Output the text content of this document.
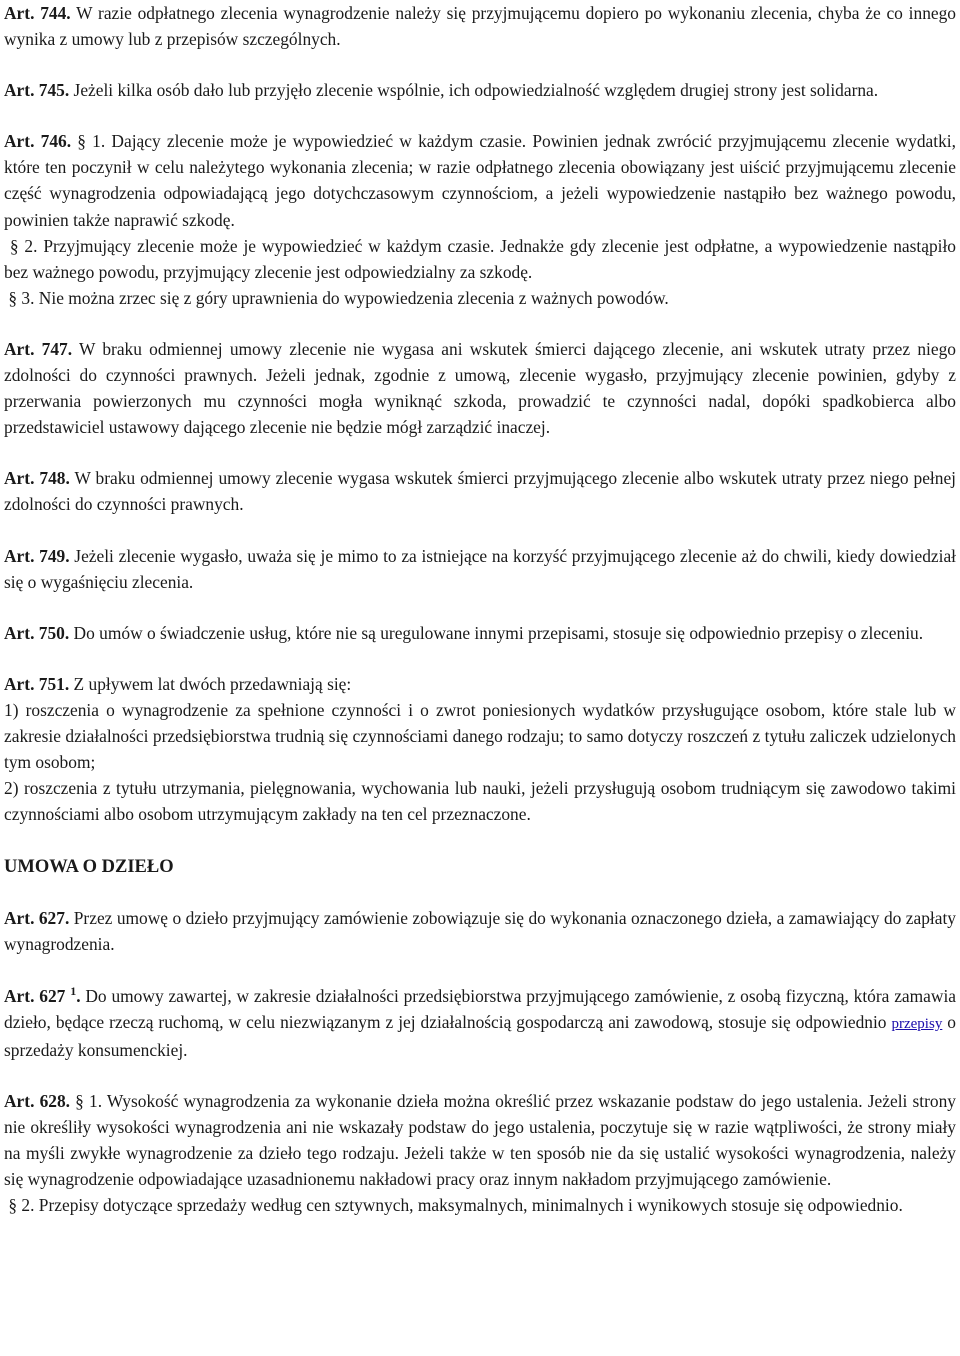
Art. 744. W razie odpłatnego zlecenia wynagrodzenie należy się przyjmującemu dopiero po wykonaniu zlecenia, chyba że co innego wynika z umowy lub z przepisów szczególnych.

Art. 745. Jeżeli kilka osób dało lub przyjęło zlecenie wspólnie, ich odpowiedzialność względem drugiej strony jest solidarna.

Art. 746. § 1. Dający zlecenie może je wypowiedzieć w każdym czasie. Powinien jednak zwrócić przyjmującemu zlecenie wydatki, które ten poczynił w celu należytego wykonania zlecenia; w razie odpłatnego zlecenia obowiązany jest uiścić przyjmującemu zlecenie część wynagrodzenia odpowiadającą jego dotychczasowym czynnościom, a jeżeli wypowiedzenie nastąpiło bez ważnego powodu, powinien także naprawić szkodę.

§ 2. Przyjmujący zlecenie może je wypowiedzieć w każdym czasie. Jednakże gdy zlecenie jest odpłatne, a wypowiedzenie nastąpiło bez ważnego powodu, przyjmujący zlecenie jest odpowiedzialny za szkodę.

§ 3. Nie można zrzec się z góry uprawnienia do wypowiedzenia zlecenia z ważnych powodów.

Art. 747. W braku odmiennej umowy zlecenie nie wygasa ani wskutek śmierci dającego zlecenie, ani wskutek utraty przez niego zdolności do czynności prawnych. Jeżeli jednak, zgodnie z umową, zlecenie wygasło, przyjmujący zlecenie powinien, gdyby z przerwania powierzonych mu czynności mogła wyniknąć szkoda, prowadzić te czynności nadal, dopóki spadkobierca albo przedstawiciel ustawowy dającego zlecenie nie będzie mógł zarządzić inaczej.

Art. 748. W braku odmiennej umowy zlecenie wygasa wskutek śmierci przyjmującego zlecenie albo wskutek utraty przez niego pełnej zdolności do czynności prawnych.

Art. 749. Jeżeli zlecenie wygasło, uważa się je mimo to za istniejące na korzyść przyjmującego zlecenie aż do chwili, kiedy dowiedział się o wygaśnięciu zlecenia.

Art. 750. Do umów o świadczenie usług, które nie są uregulowane innymi przepisami, stosuje się odpowiednio przepisy o zleceniu.

Art. 751. Z upływem lat dwóch przedawniają się:

1) roszczenia o wynagrodzenie za spełnione czynności i o zwrot poniesionych wydatków przysługujące osobom, które stale lub w zakresie działalności przedsiębiorstwa trudnią się czynnościami danego rodzaju; to samo dotyczy roszczeń z tytułu zaliczek udzielonych tym osobom;

2) roszczenia z tytułu utrzymania, pielęgnowania, wychowania lub nauki, jeżeli przysługują osobom trudniącym się zawodowo takimi czynnościami albo osobom utrzymującym zakłady na ten cel przeznaczone.

UMOWA O DZIEŁO

Art. 627. Przez umowę o dzieło przyjmujący zamówienie zobowiązuje się do wykonania oznaczonego dzieła, a zamawiający do zapłaty wynagrodzenia.

Art. 627 $^1$. Do umowy zawartej, w zakresie działalności przedsiębiorstwa przyjmującego zamówienie, z osobą fizyczną, która zamawia dzieło, będące rzeczą ruchomą, w celu niezwiązanym z jej działalnością gospodarczą ani zawodową, stosuje się odpowiednio przepisy o sprzedaży konsumenckiej.

Art. 628. § 1. Wysokość wynagrodzenia za wykonanie dzieła można określić przez wskazanie podstaw do jego ustalenia. Jeżeli strony nie określiły wysokości wynagrodzenia ani nie wskazały podstaw do jego ustalenia, poczytuje się w razie wątpliwości, że strony miały na myśli zwykłe wynagrodzenie za dzieło tego rodzaju. Jeżeli także w ten sposób nie da się ustalić wysokości wynagrodzenia, należy się wynagrodzenie odpowiadające uzasadnionemu nakładowi pracy oraz innym nakładom przyjmującego zamówienie.

§ 2. Przepisy dotyczące sprzedaży według cen sztywnych, maksymalnych, minimalnych i wynikowych stosuje się odpowiednio.
